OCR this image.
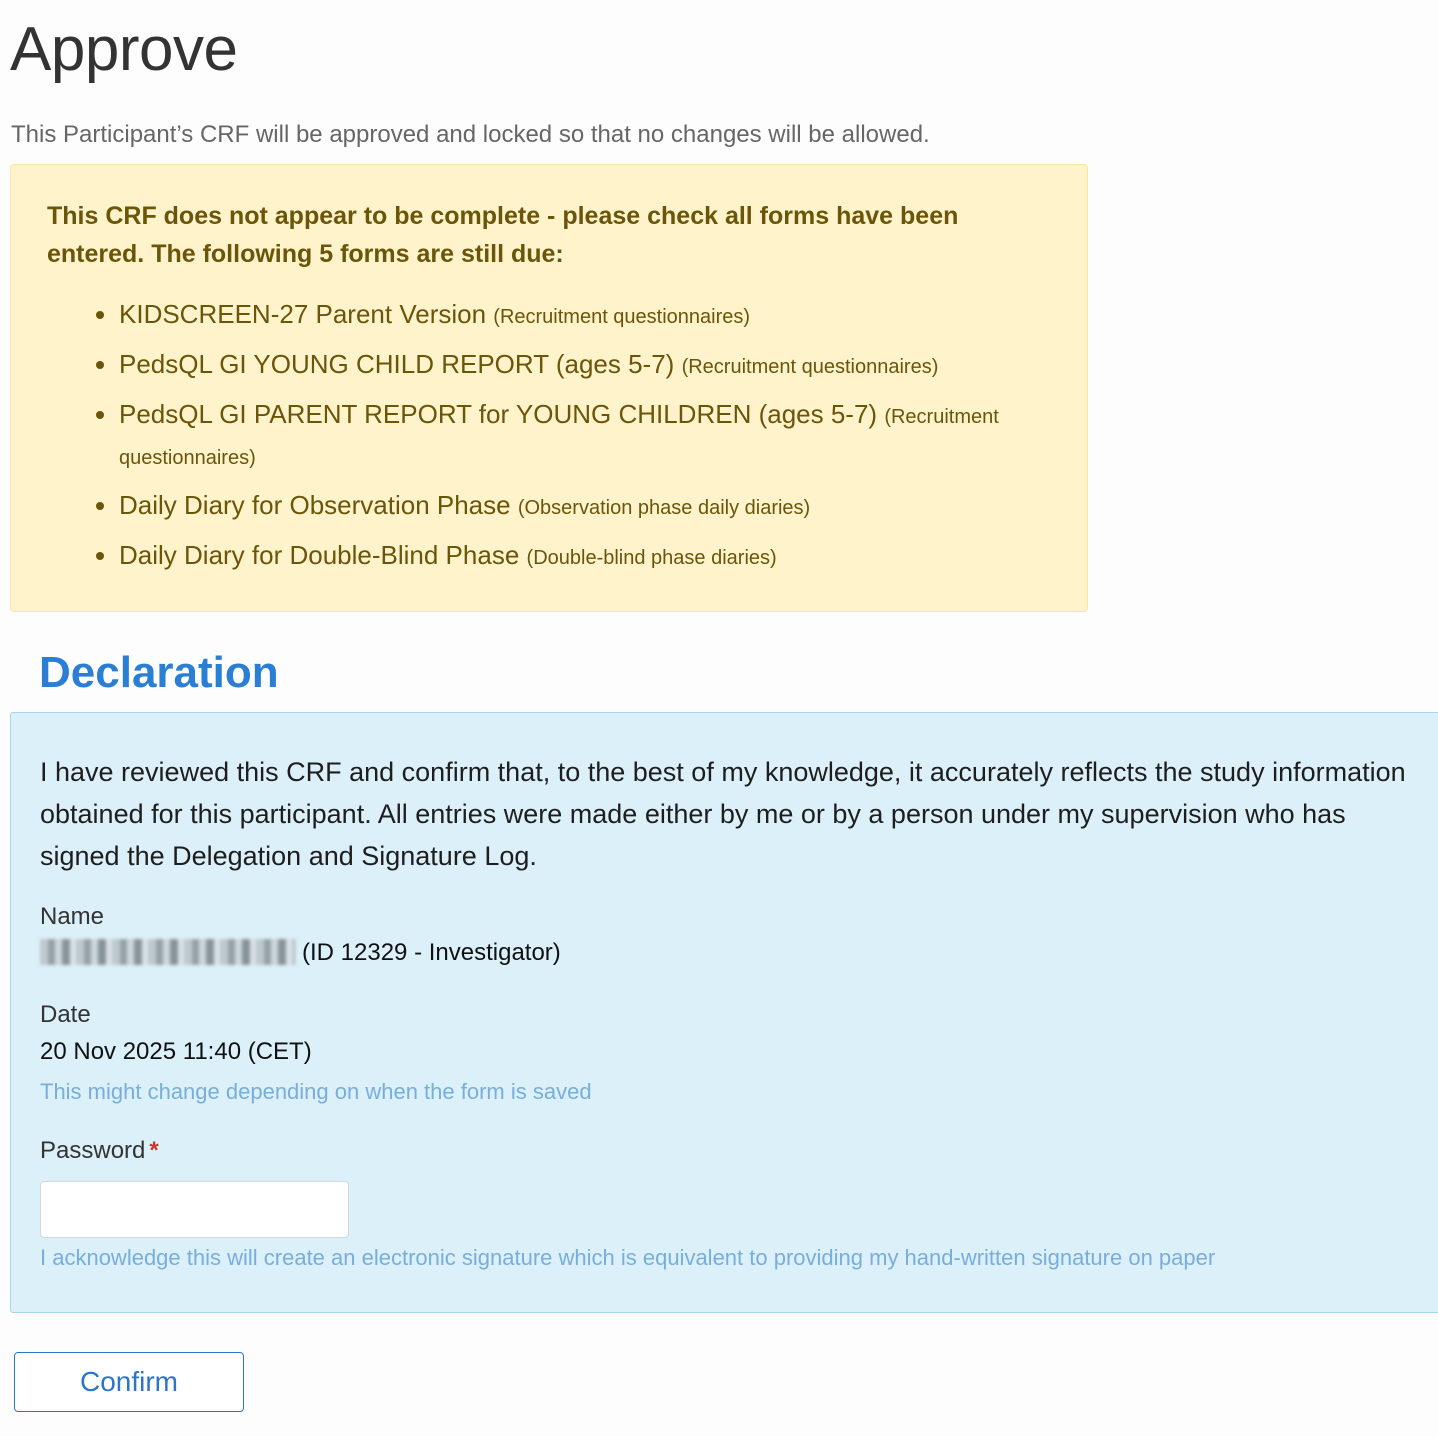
Approve

This Participant’s CRF will be approved and locked so that no changes will be allowed.

This CRF does not appear to be complete - please check all forms have been entered. The following 5 forms are still due:

• KIDSCREEN-27 Parent Version (Recruitment questionnaires)
• PedsQL GI YOUNG CHILD REPORT (ages 5-7) (Recruitment questionnaires)
• PedsQL GI PARENT REPORT for YOUNG CHILDREN (ages 5-7) (Recruitment questionnaires)
• Daily Diary for Observation Phase (Observation phase daily diaries)
• Daily Diary for Double-Blind Phase (Double-blind phase diaries)
Declaration

I have reviewed this CRF and confirm that, to the best of my knowledge, it accurately reflects the study information obtained for this participant. All entries were made either by me or by a person under my supervision who has signed the Delegation and Signature Log.

Name

(ID 12329 - Investigator)

Date

20 Nov 2025 11:40 (CET)

This might change depending on when the form is saved

Password *

I acknowledge this will create an electronic signature which is equivalent to providing my hand-written signature on paper

Confirm
